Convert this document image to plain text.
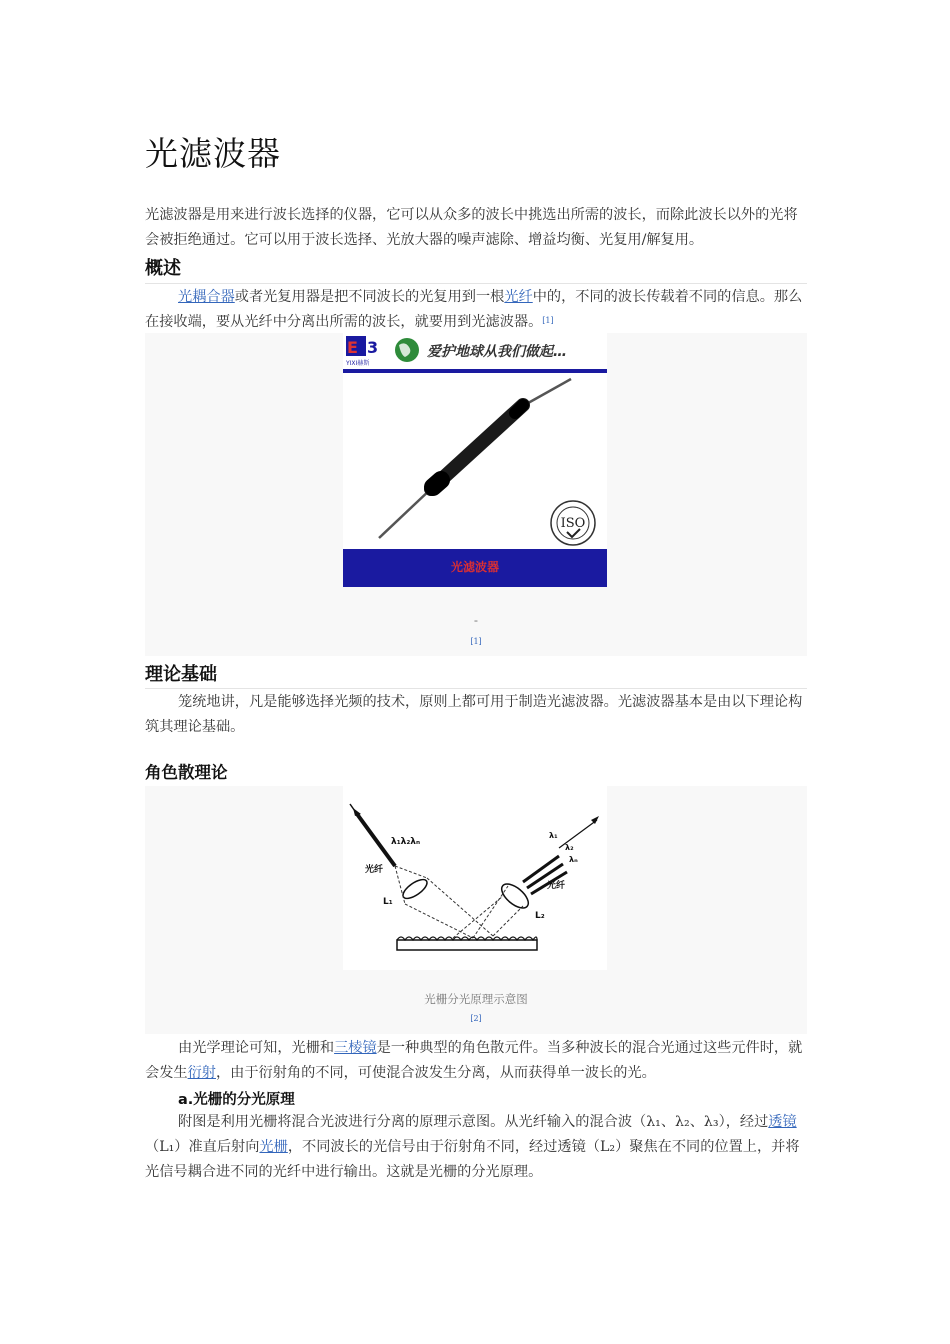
光滤波器
光滤波器是用来进行波长选择的仪器，它可以从众多的波长中挑选出所需的波长，而除此波长以外的光将会被拒绝通过。它可以用于波长选择、光放大器的噪声滤除、增益均衡、光复用/解复用。
概述
光耦合器或者光复用器是把不同波长的光复用到一根光纤中的，不同的波长传载着不同的信息。那么在接收端，要从光纤中分离出所需的波长，就要用到光滤波器。[1]
E 3
YIXI赫斯
爱护地球从我们做起…
ISO
光滤波器
-
[1]
理论基础
笼统地讲，凡是能够选择光频的技术，原则上都可用于制造光滤波器。光滤波器基本是由以下理论构筑其理论基础。
角色散理论
λ₁λ₂λₙ
光纤
L₁
L₂
λ₁
λ₂
λₙ
光纤
光栅分光原理示意图
[2]
由光学理论可知，光栅和三棱镜是一种典型的角色散元件。当多种波长的混合光通过这些元件时，就会发生衍射，由于衍射角的不同，可使混合波发生分离，从而获得单一波长的光。
a.光栅的分光原理
附图是利用光栅将混合光波进行分离的原理示意图。从光纤输入的混合波（λ₁、λ₂、λ₃），经过透镜（L₁）准直后射向光栅，不同波长的光信号由于衍射角不同，经过透镜（L₂）聚焦在不同的位置上，并将光信号耦合进不同的光纤中进行输出。这就是光栅的分光原理。
